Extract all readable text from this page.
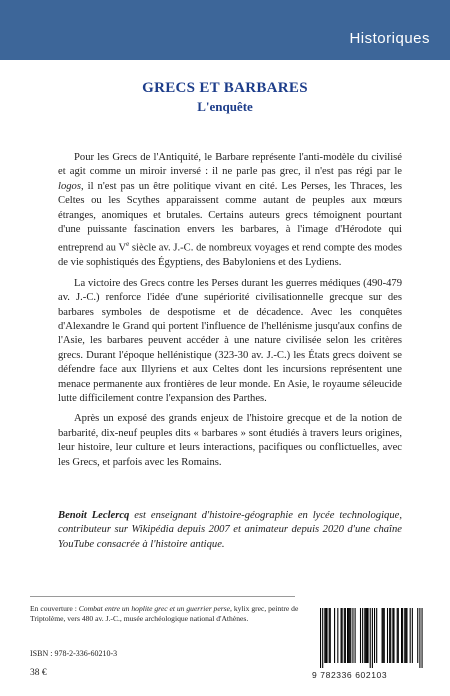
Historiques
GRECS ET BARBARES
L'enquête

Pour les Grecs de l'Antiquité, le Barbare représente l'anti-modèle du civilisé et agit comme un miroir inversé : il ne parle pas grec, il n'est pas régi par le logos, il n'est pas un être politique vivant en cité. Les Perses, les Thraces, les Celtes ou les Scythes apparaissent comme autant de peuples aux mœurs étranges, anomiques et brutales. Certains auteurs grecs témoignent pourtant d'une puissante fascination envers les barbares, à l'image d'Hérodote qui entreprend au Ve siècle av. J.-C. de nombreux voyages et rend compte des modes de vie sophistiqués des Égyptiens, des Babyloniens et des Lydiens.

La victoire des Grecs contre les Perses durant les guerres médiques (490-479 av. J.-C.) renforce l'idée d'une supériorité civilisationnelle grecque sur des barbares symboles de despotisme et de décadence. Avec les conquêtes d'Alexandre le Grand qui portent l'influence de l'hellénisme jusqu'aux confins de l'Asie, les barbares peuvent accéder à une nature civilisée selon les critères grecs. Durant l'époque hellénistique (323-30 av. J.-C.) les États grecs doivent se défendre face aux Illyriens et aux Celtes dont les incursions représentent une menace permanente aux frontières de leur monde. En Asie, le royaume séleucide lutte difficilement contre l'expansion des Parthes.

Après un exposé des grands enjeux de l'histoire grecque et de la notion de barbarité, dix-neuf peuples dits « barbares » sont étudiés à travers leurs origines, leur histoire, leur culture et leurs interactions, pacifiques ou conflictuelles, avec les Grecs, et parfois avec les Romains.

Benoit Leclercq est enseignant d'histoire-géographie en lycée technologique, contributeur sur Wikipédia depuis 2007 et animateur depuis 2020 d'une chaîne YouTube consacrée à l'histoire antique.
En couverture : Combat entre un hoplite grec et un guerrier perse, kylix grec, peintre de Triptolème, vers 480 av. J.-C., musée archéologique national d'Athènes.
ISBN : 978-2-336-60210-3
38 €	9 782336 602103
